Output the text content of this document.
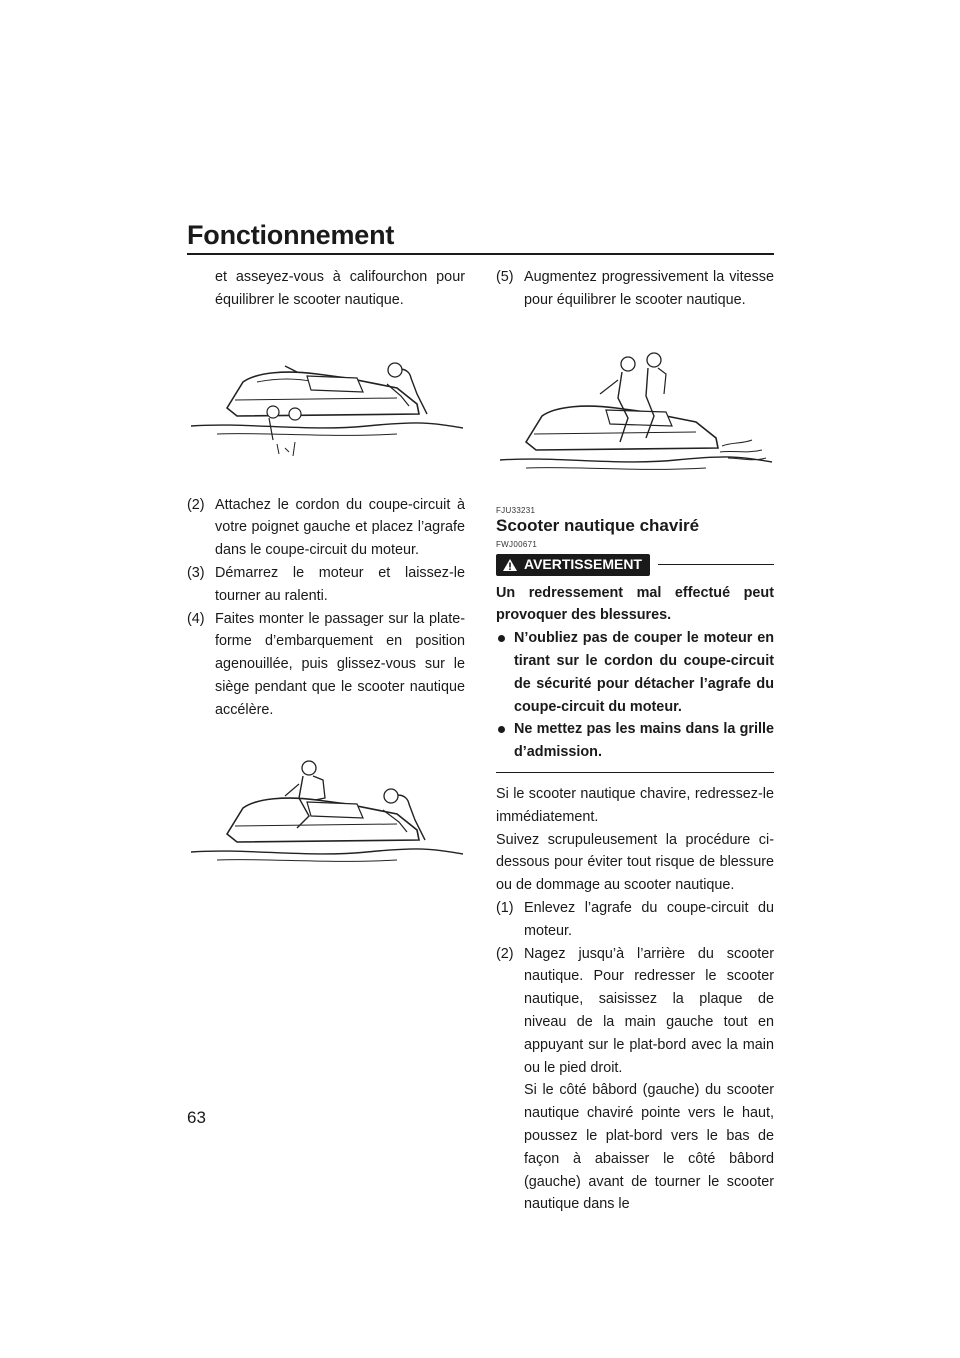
Fonctionnement

et asseyez-vous à califourchon pour équilibrer le scooter nautique.

(2) Attachez le cordon du coupe-circuit à votre poignet gauche et placez l’agrafe dans le coupe-circuit du moteur.

(3) Démarrez le moteur et laissez-le tourner au ralenti.

(4) Faites monter le passager sur la plate-forme d’embarquement en position agenouillée, puis glissez-vous sur le siège pendant que le scooter nautique accélère.

(5) Augmentez progressivement la vitesse pour équilibrer le scooter nautique.

FJU33231

Scooter nautique chaviré

FWJ00671

AVERTISSEMENT

Un redressement mal effectué peut provoquer des blessures.

N’oubliez pas de couper le moteur en tirant sur le cordon du coupe-circuit de sécurité pour détacher l’agrafe du coupe-circuit du moteur.

Ne mettez pas les mains dans la grille d’admission.

Si le scooter nautique chavire, redressez-le immédiatement.

Suivez scrupuleusement la procédure ci-dessous pour éviter tout risque de blessure ou de dommage au scooter nautique.

(1) Enlevez l’agrafe du coupe-circuit du moteur.

(2) Nagez jusqu’à l’arrière du scooter nautique. Pour redresser le scooter nautique, saisissez la plaque de niveau de la main gauche tout en appuyant sur le plat-bord avec la main ou le pied droit.

Si le côté bâbord (gauche) du scooter nautique chaviré pointe vers le haut, poussez le plat-bord vers le bas de façon à abaisser le côté bâbord (gauche) avant de tourner le scooter nautique dans le

63
